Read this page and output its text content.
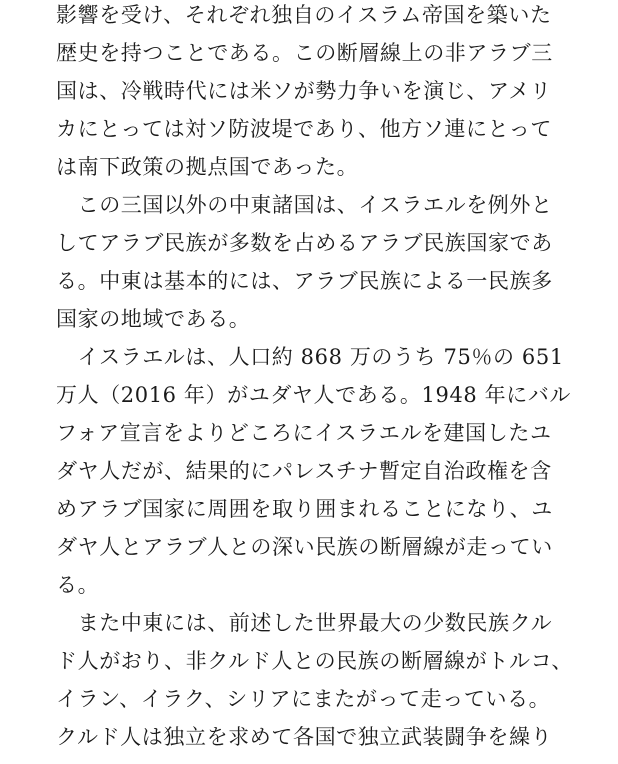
影響を受け、それぞれ独自のイスラム帝国を築いた
歴史を持つことである。この断層線上の非アラブ三
国は、冷戦時代には米ソが勢力争いを演じ、アメリ
カにとっては対ソ防波堤であり、他方ソ連にとって
は南下政策の拠点国であった。
　この三国以外の中東諸国は、イスラエルを例外と
してアラブ民族が多数を占めるアラブ民族国家であ
る。中東は基本的には、アラブ民族による一民族多
国家の地域である。
　イスラエルは、人口約 868 万のうち 75％の 651
万人（2016 年）がユダヤ人である。1948 年にバル
フォア宣言をよりどころにイスラエルを建国したユ
ダヤ人だが、結果的にパレスチナ暫定自治政権を含
めアラブ国家に周囲を取り囲まれることになり、ユ
ダヤ人とアラブ人との深い民族の断層線が走ってい
る。
　また中東には、前述した世界最大の少数民族クル
ド人がおり、非クルド人との民族の断層線がトルコ、
イラン、イラク、シリアにまたがって走っている。
クルド人は独立を求めて各国で独立武装闘争を繰り
